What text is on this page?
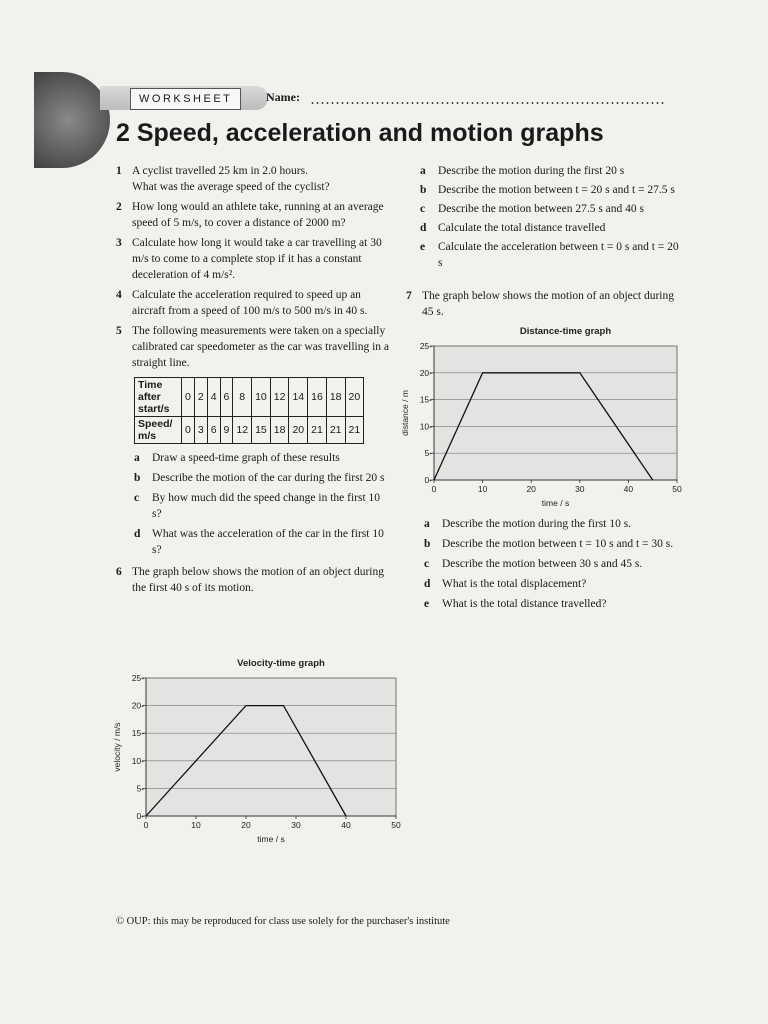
WORKSHEET	Name:
2 Speed, acceleration and motion graphs
1 A cyclist travelled 25 km in 2.0 hours.
What was the average speed of the cyclist?
2 How long would an athlete take, running at an average speed of 5 m/s, to cover a distance of 2000 m?
3 Calculate how long it would take a car travelling at 30 m/s to come to a complete stop if it has a constant deceleration of 4 m/s².
4 Calculate the acceleration required to speed up an aircraft from a speed of 100 m/s to 500 m/s in 40 s.
5 The following measurements were taken on a specially calibrated car speedometer as the car was travelling in a straight line.
Time after start/s	0	2	4	6	8	10	12	14	16	18	20
Speed/ m/s	0	3	6	9	12	15	18	20	21	21	21
a Draw a speed-time graph of these results
b Describe the motion of the car during the first 20 s
c By how much did the speed change in the first 10 s?
d What was the acceleration of the car in the first 10 s?
6 The graph below shows the motion of an object during the first 40 s of its motion.
a Describe the motion during the first 20 s
b Describe the motion between t = 20 s and t = 27.5 s
c Describe the motion between 27.5 s and 40 s
d Calculate the total distance travelled
e Calculate the acceleration between t = 0 s and t = 20 s
7 The graph below shows the motion of an object during 45 s.
Distance-time graph
0-
5-
10-
15-
20-
25-
0	10	20	30	40	50
time / s
distance / m
a Describe the motion during the first 10 s.
b Describe the motion between t = 10 s and t = 30 s.
c Describe the motion between 30 s and 45 s.
d What is the total displacement?
e What is the total distance travelled?
Velocity-time graph
0-
5-
10-
15-
20-
25-
0	10	20	30	40	50
time / s
velocity / m/s
© OUP: this may be reproduced for class use solely for the purchaser's institute
